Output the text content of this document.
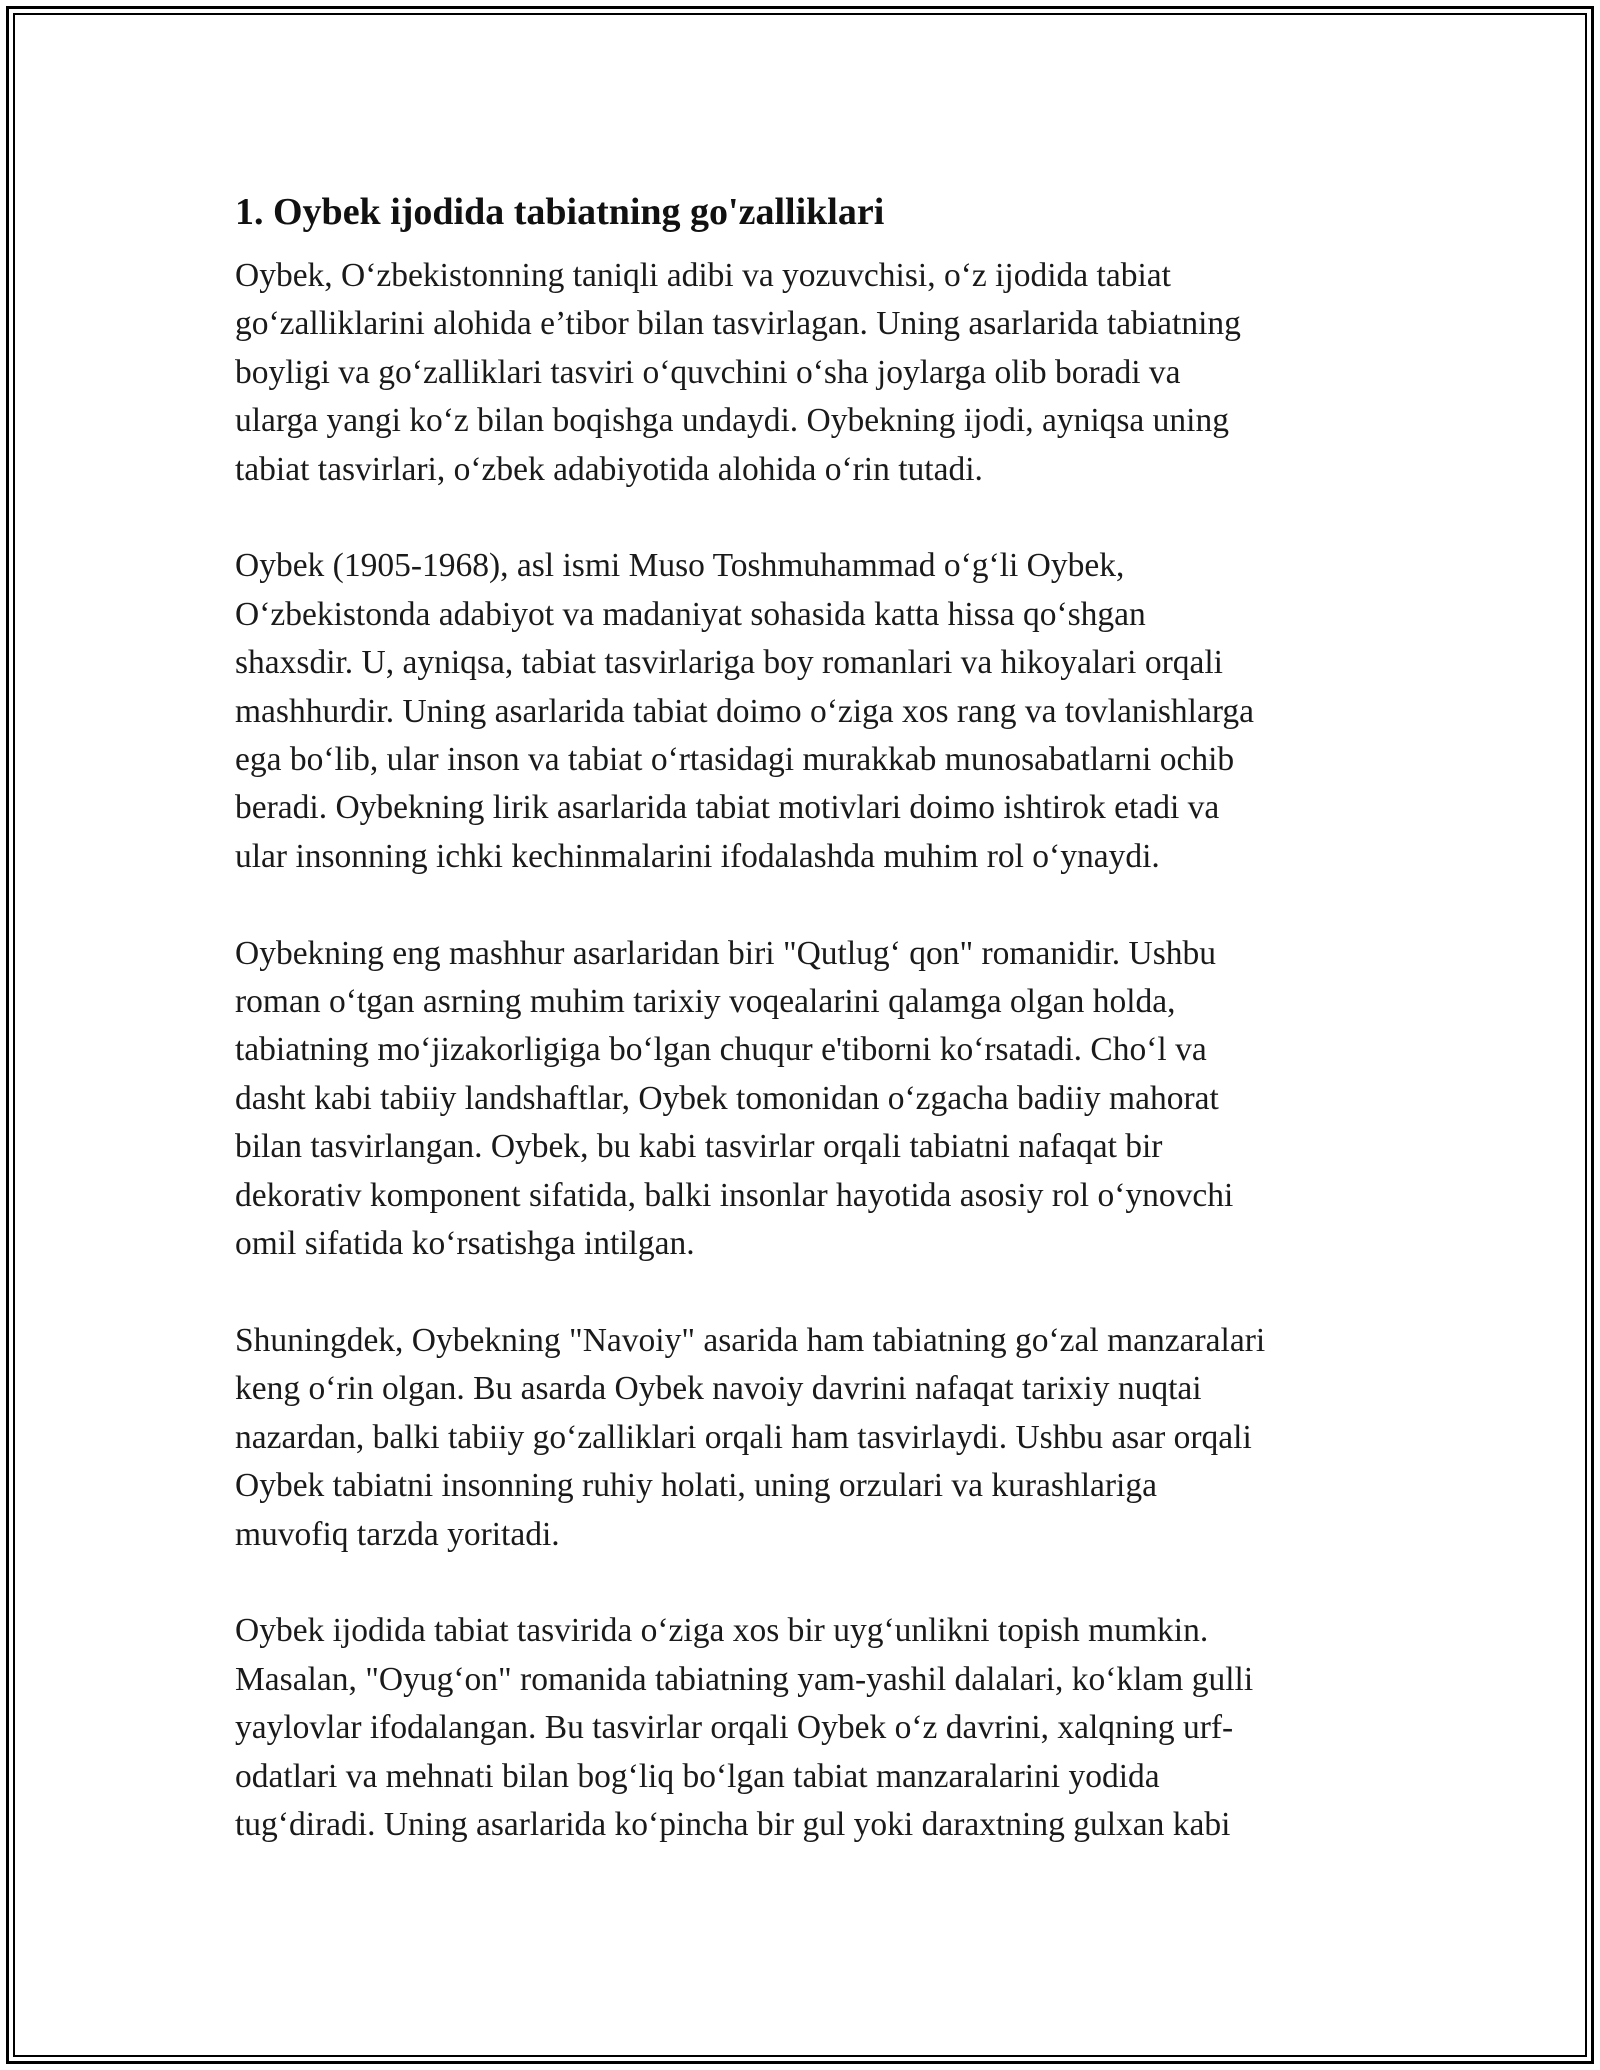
1. Oybek ijodida tabiatning go'zalliklari

Oybek, O‘zbekistonning taniqli adibi va yozuvchisi, o‘z ijodida tabiat
go‘zalliklarini alohida e’tibor bilan tasvirlagan. Uning asarlarida tabiatning
boyligi va go‘zalliklari tasviri o‘quvchini o‘sha joylarga olib boradi va
ularga yangi ko‘z bilan boqishga undaydi. Oybekning ijodi, ayniqsa uning
tabiat tasvirlari, o‘zbek adabiyotida alohida o‘rin tutadi.

Oybek (1905-1968), asl ismi Muso Toshmuhammad o‘g‘li Oybek,
O‘zbekistonda adabiyot va madaniyat sohasida katta hissa qo‘shgan
shaxsdir. U, ayniqsa, tabiat tasvirlariga boy romanlari va hikoyalari orqali
mashhurdir. Uning asarlarida tabiat doimo o‘ziga xos rang va tovlanishlarga
ega bo‘lib, ular inson va tabiat o‘rtasidagi murakkab munosabatlarni ochib
beradi. Oybekning lirik asarlarida tabiat motivlari doimo ishtirok etadi va
ular insonning ichki kechinmalarini ifodalashda muhim rol o‘ynaydi.

Oybekning eng mashhur asarlaridan biri "Qutlug‘ qon" romanidir. Ushbu
roman o‘tgan asrning muhim tarixiy voqealarini qalamga olgan holda,
tabiatning mo‘jizakorligiga bo‘lgan chuqur e'tiborni ko‘rsatadi. Cho‘l va
dasht kabi tabiiy landshaftlar, Oybek tomonidan o‘zgacha badiiy mahorat
bilan tasvirlangan. Oybek, bu kabi tasvirlar orqali tabiatni nafaqat bir
dekorativ komponent sifatida, balki insonlar hayotida asosiy rol o‘ynovchi
omil sifatida ko‘rsatishga intilgan.

Shuningdek, Oybekning "Navoiy" asarida ham tabiatning go‘zal manzaralari
keng o‘rin olgan. Bu asarda Oybek navoiy davrini nafaqat tarixiy nuqtai
nazardan, balki tabiiy go‘zalliklari orqali ham tasvirlaydi. Ushbu asar orqali
Oybek tabiatni insonning ruhiy holati, uning orzulari va kurashlariga
muvofiq tarzda yoritadi.

Oybek ijodida tabiat tasvirida o‘ziga xos bir uyg‘unlikni topish mumkin.
Masalan, "Oyug‘on" romanida tabiatning yam-yashil dalalari, ko‘klam gulli
yaylovlar ifodalangan. Bu tasvirlar orqali Oybek o‘z davrini, xalqning urf-
odatlari va mehnati bilan bog‘liq bo‘lgan tabiat manzaralarini yodida
tug‘diradi. Uning asarlarida ko‘pincha bir gul yoki daraxtning gulxan kabi
